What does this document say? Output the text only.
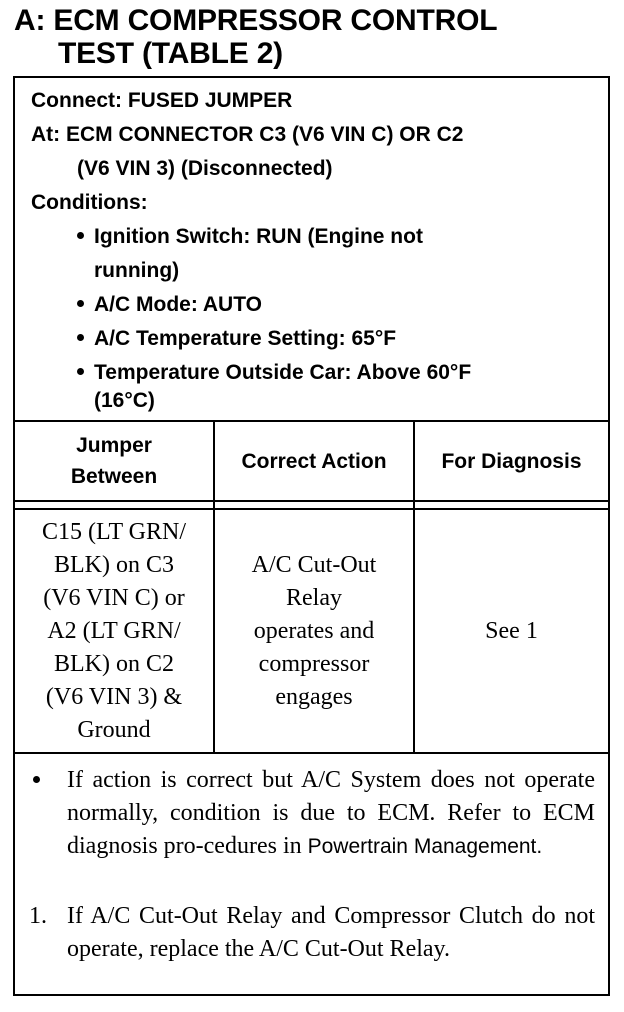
A: ECM COMPRESSOR CONTROL
TEST (TABLE 2)
Connect: FUSED JUMPER
At: ECM CONNECTOR C3 (V6 VIN C) OR C2
(V6 VIN 3) (Disconnected)
Conditions:
Ignition Switch: RUN (Engine not
running)
A/C Mode: AUTO
A/C Temperature Setting: 65°F
Temperature Outside Car: Above 60°F
(16°C)
Jumper
Between
Correct Action	For Diagnosis
C15 (LT GRN/
BLK) on C3
(V6 VIN C) or
A2 (LT GRN/
BLK) on C2
(V6 VIN 3) &
Ground
A/C Cut-Out
Relay
operates and
compressor
engages
See 1
If action is correct but A/C System does not operate normally, condition is due to ECM. Refer to ECM diagnosis pro-cedures in Powertrain Management.
1. If A/C Cut-Out Relay and Compressor Clutch do not operate, replace the A/C Cut-Out Relay.
